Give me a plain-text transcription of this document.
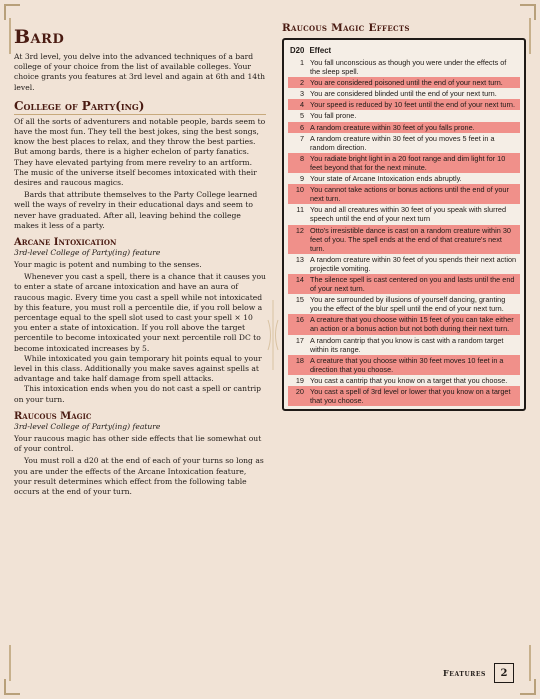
Bard

At 3rd level, you delve into the advanced techniques of a bard college of your choice from the list of available colleges. Your choice grants you features at 3rd level and again at 6th and 14th level.

College of Party(ing)

Of all the sorts of adventurers and notable people, bards seem to have the most fun. They tell the best jokes, sing the best songs, know the best places to relax, and they throw the best parties. But among bards, there is a higher echelon of party fanatics. They have elevated partying from mere revelry to an artform. The music of the universe itself becomes intoxicated with their desires and raucous magics.

Bards that attribute themselves to the Party College learned well the ways of revelry in their educational days and seem to never have graduated. After all, leaving behind the college makes it less of a party.

Arcane Intoxication
3rd-level College of Party(ing) feature

Your magic is potent and numbing to the senses.

Whenever you cast a spell, there is a chance that it causes you to enter a state of arcane intoxication and have an aura of raucous magic. Every time you cast a spell while not intoxicated by this feature, you must roll a percentile die, if you roll below a percentage equal to the spell slot used to cast your spell × 10 you enter a state of intoxication. If you roll above the target percentile to become intoxicated your next percentile roll DC to become intoxicated increases by 5.

While intoxicated you gain temporary hit points equal to your level in this class. Additionally you make saves against spells at advantage and take half damage from spell attacks.

This intoxication ends when you do not cast a spell or cantrip on your turn.

Raucous Magic
3rd-level College of Party(ing) feature

Your raucous magic has other side effects that lie somewhat out of your control.

You must roll a d20 at the end of each of your turns so long as you are under the effects of the Arcane Intoxication feature, your result determines which effect from the following table occurs at the end of your turn.

Raucous Magic Effects
D20 Effect
1 You fall unconscious as though you were under the effects of the sleep spell.
2 You are considered poisoned until the end of your next turn.
3 You are considered blinded until the end of your next turn.
4 Your speed is reduced by 10 feet until the end of your next turn.
5 You fall prone.
6 A random creature within 30 feet of you falls prone.
7 A random creature within 30 feet of you moves 5 feet in a random direction.
8 You radiate bright light in a 20 foot range and dim light for 10 feet beyond that for the next minute.
9 Your state of Arcane Intoxication ends abruptly.
10 You cannot take actions or bonus actions until the end of your next turn.
11 You and all creatures within 30 feet of you speak with slurred speech until the end of your next turn
12 Otto's irresistible dance is cast on a random creature within 30 feet of you. The spell ends at the end of that creature's next turn.
13 A random creature within 30 feet of you spends their next action projectile vomiting.
14 The silence spell is cast centered on you and lasts until the end of your next turn.
15 You are surrounded by illusions of yourself dancing, granting you the effect of the blur spell until the end of your next turn.
16 A creature that you choose within 15 feet of you can take either an action or a bonus action but not both during their next turn.
17 A random cantrip that you know is cast with a random target within its range.
18 A creature that you choose within 30 feet moves 10 feet in a direction that you choose.
19 You cast a cantrip that you know on a target that you choose.
20 You cast a spell of 3rd level or lower that you know on a target that you choose.
Features	2
